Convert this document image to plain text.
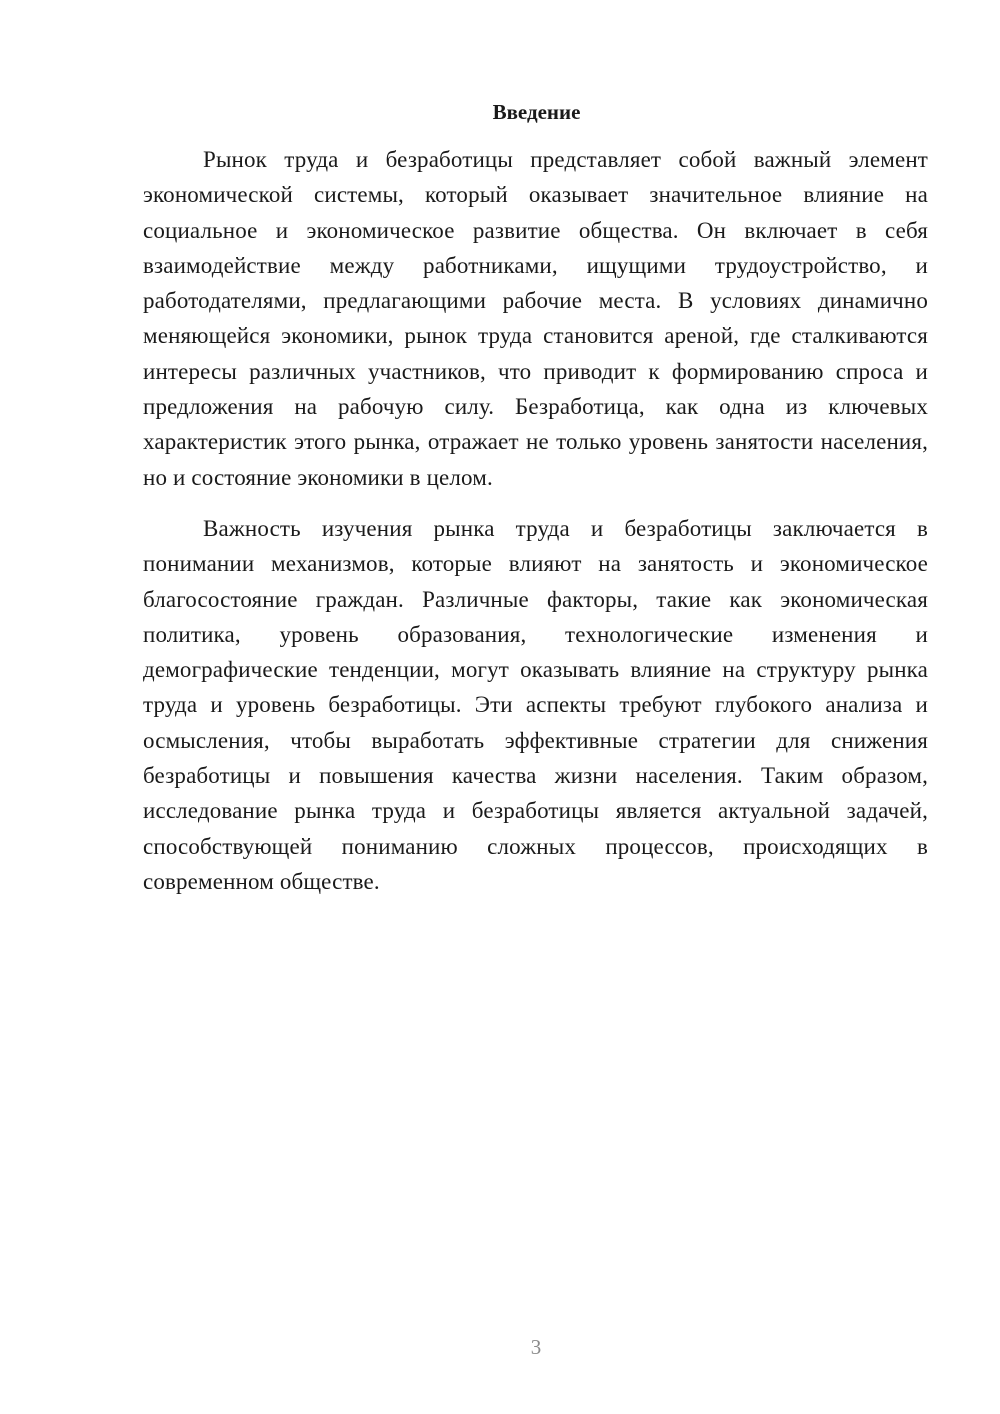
Введение

Рынок труда и безработицы представляет собой важный элемент экономической системы, который оказывает значительное влияние на социальное и экономическое развитие общества. Он включает в себя взаимодействие между работниками, ищущими трудоустройство, и работодателями, предлагающими рабочие места. В условиях динамично меняющейся экономики, рынок труда становится ареной, где сталкиваются интересы различных участников, что приводит к формированию спроса и предложения на рабочую силу. Безработица, как одна из ключевых характеристик этого рынка, отражает не только уровень занятости населения, но и состояние экономики в целом.

Важность изучения рынка труда и безработицы заключается в понимании механизмов, которые влияют на занятость и экономическое благосостояние граждан. Различные факторы, такие как экономическая политика, уровень образования, технологические изменения и демографические тенденции, могут оказывать влияние на структуру рынка труда и уровень безработицы. Эти аспекты требуют глубокого анализа и осмысления, чтобы выработать эффективные стратегии для снижения безработицы и повышения качества жизни населения. Таким образом, исследование рынка труда и безработицы является актуальной задачей, способствующей пониманию сложных процессов, происходящих в современном обществе.

3
